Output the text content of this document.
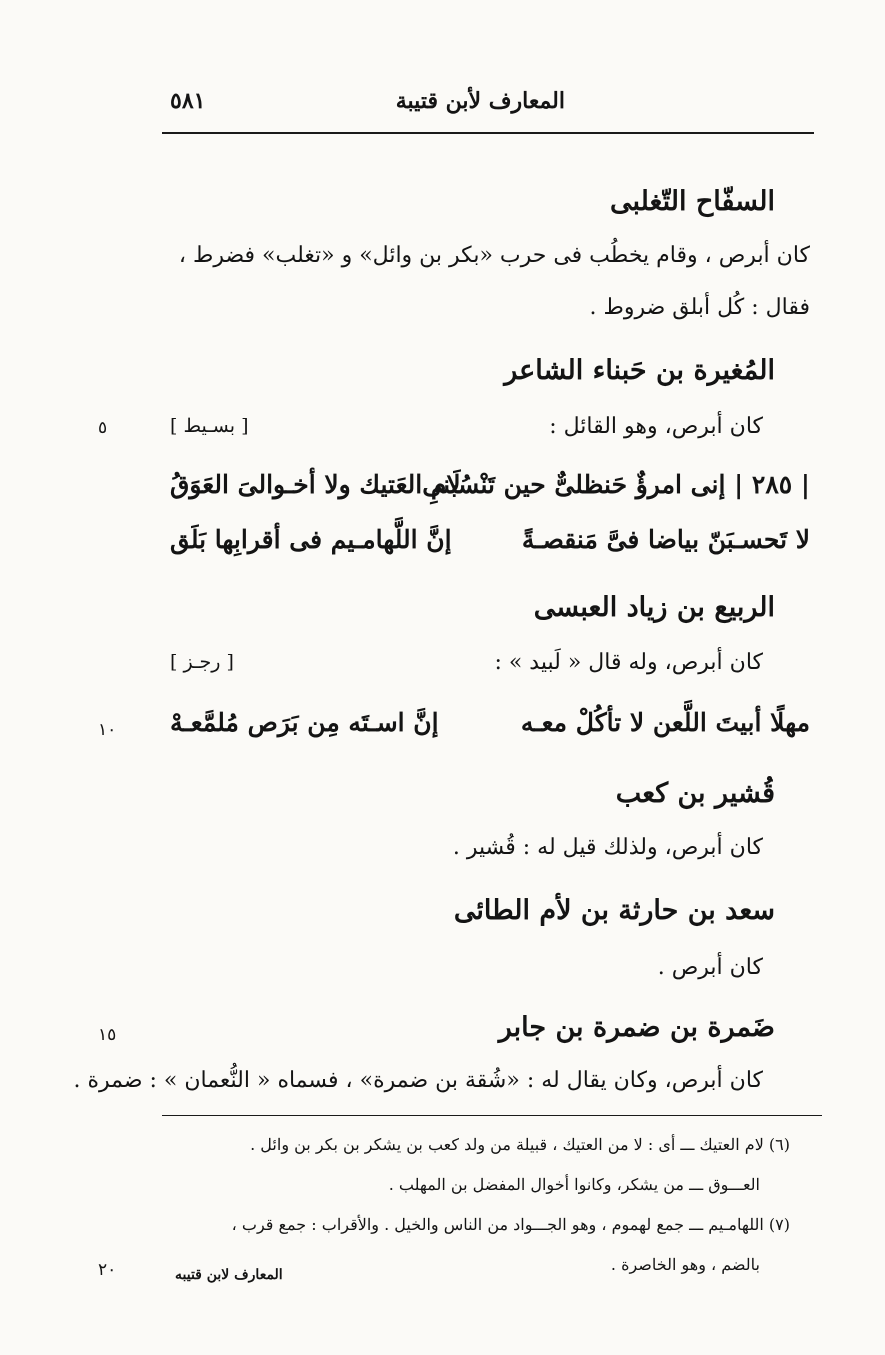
المعارف لأبن قتيبة
٥٨١
السفّاح التّغلبى
كان أبرص ، وقام يخطُب فى حرب «بكر بن وائل» و «تغلب» فضرط ،
فقال : كُل أبلق ضروط .
المُغيرة بن حَبناء الشاعر
كان أبرص، وهو القائل :
[ بسـيط ]
٥
| ٢٨٥ | إنى امرؤٌ حَنظلىٌّ حين تَنْسُبنى
لَامِ العَتيك ولا أخـوالىَ العَوَقُ
لا تَحسـبَنّ بياضا فىَّ مَنقصـةً
إنَّ اللَّهامـيم فى أقرابِها بَلَق
الربيع بن زياد العبسى
كان أبرص، وله قال « لَبيد » :
[ رجـز ]
مهلًا أبيتَ اللَّعن لا تأكُلْ معـه
إنَّ اسـتَه مِن بَرَص مُلمَّعـهْ
١٠
قُشير بن كعب
كان أبرص، ولذلك قيل له : قُشير .
سعد بن حارثة بن لأم الطائى
كان أبرص .
ضَمرة بن ضمرة بن جابر
١٥
كان أبرص، وكان يقال له : «شُقة بن ضمرة» ، فسماه « النُّعمان » : ضمرة .
(٦) لام العتيك ـــ أى : لا من العتيك ، قبيلة من ولد كعب بن يشكر بن بكر بن وائل .
العـــوق ـــ من يشكر، وكانوا أخوال المفضل بن المهلب .
(٧) اللهامـيم ـــ جمع لهموم ، وهو الجـــواد من الناس والخيل . والأقراب : جمع قرب ،
بالضم ، وهو الخاصرة .
٢٠	المعارف لابن قتيبه
